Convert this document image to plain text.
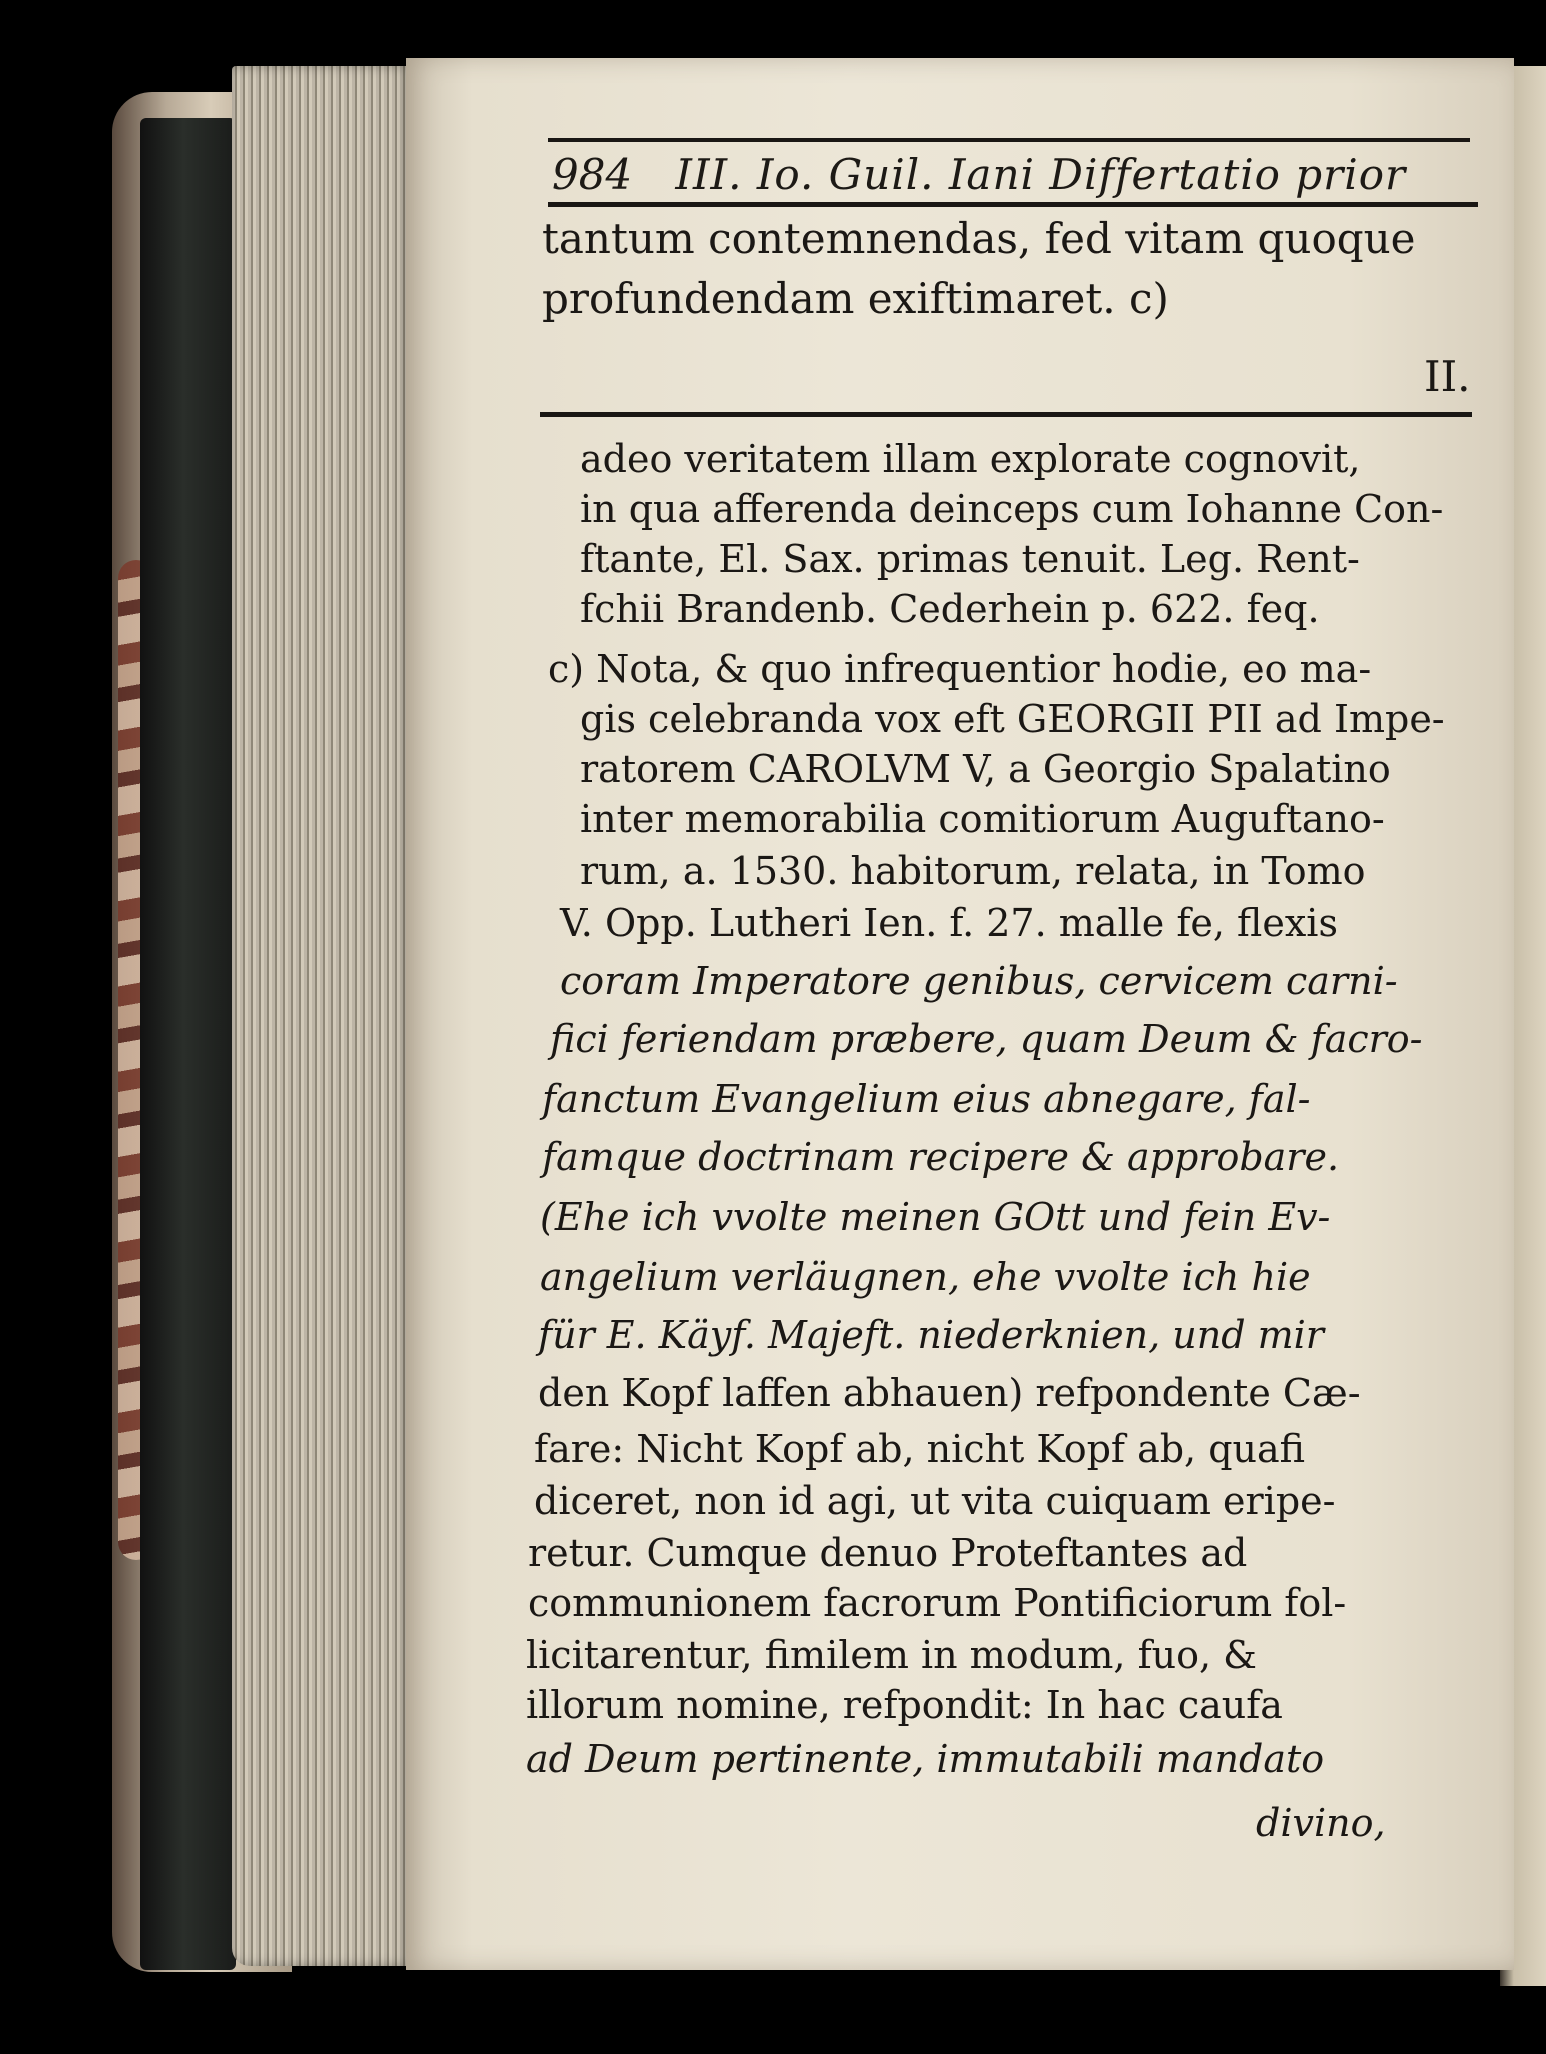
984 III. Io. Guil. Iani Differtatio prior
tantum contemnendas, fed vitam quoque
profundendam exiftimaret. c)
II.
adeo veritatem illam explorate cognovit,
in qua afferenda deinceps cum Iohanne Con-
ftante, El. Sax. primas tenuit. Leg. Rent-
fchii Brandenb. Cederhein p. 622. feq.
c) Nota, & quo infrequentior hodie, eo ma-
gis celebranda vox eft GEORGII PII ad Impe-
ratorem CAROLVM V, a Georgio Spalatino
inter memorabilia comitiorum Auguftano-
rum, a. 1530. habitorum, relata, in Tomo
V. Opp. Lutheri Ien. f. 27. malle fe, flexis
coram Imperatore genibus, cervicem carni-
fici feriendam præbere, quam Deum & facro-
fanctum Evangelium eius abnegare, fal-
famque doctrinam recipere & approbare.
(Ehe ich vvolte meinen GOtt und fein Ev-
angelium verläugnen, ehe vvolte ich hie
für E. Käyf. Majeft. niederknien, und mir
den Kopf laffen abhauen) refpondente Cæ-
fare: Nicht Kopf ab, nicht Kopf ab, quafi
diceret, non id agi, ut vita cuiquam eripe-
retur. Cumque denuo Proteftantes ad
communionem facrorum Pontificiorum fol-
licitarentur, fimilem in modum, fuo, &
illorum nomine, refpondit: In hac caufa
ad Deum pertinente, immutabili mandato
divino,
